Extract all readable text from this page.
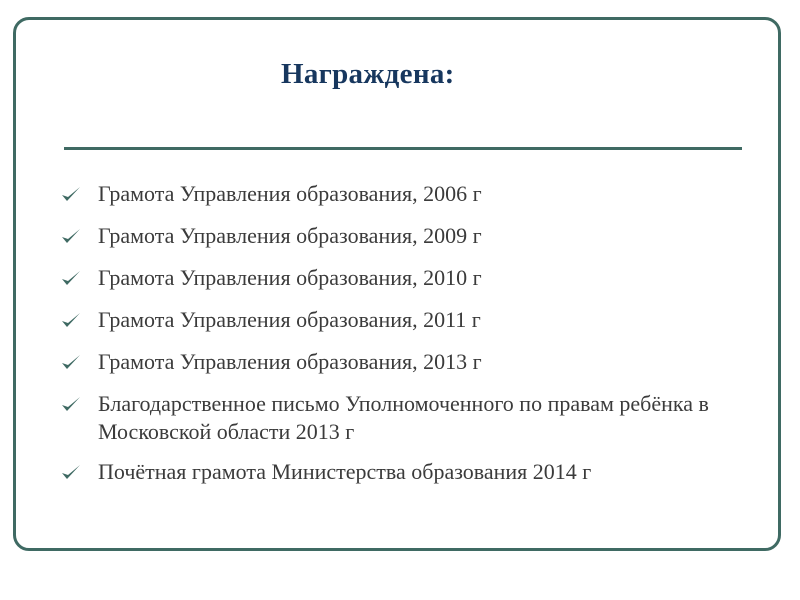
Награждена:
Грамота Управления образования, 2006 г
Грамота Управления образования, 2009 г
Грамота Управления образования, 2010 г
Грамота Управления образования, 2011 г
Грамота Управления образования, 2013 г
Благодарственное письмо Уполномоченного по правам ребёнка в Московской области 2013 г
Почётная грамота Министерства образования 2014 г
